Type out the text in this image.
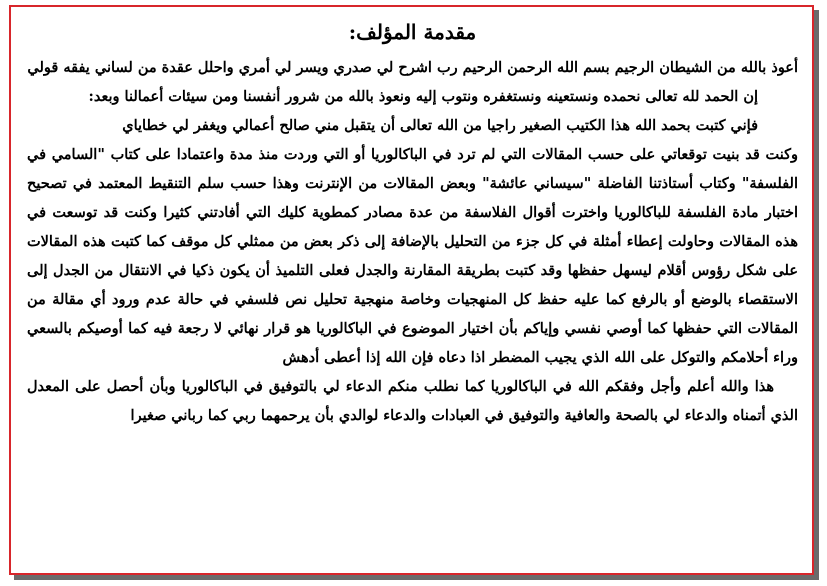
مقدمة المؤلف:

أعوذ بالله من الشيطان الرجيم بسم الله الرحمن الرحيم رب اشرح لي صدري ويسر لي أمري واحلل عقدة من لساني يفقه قولي

إن الحمد لله تعالى نحمده ونستعينه ونستغفره ونتوب إليه ونعوذ بالله من شرور أنفسنا ومن سيئات أعمالنا وبعد:

فإني كتبت بحمد الله هذا الكتيب الصغير راجيا من الله تعالى أن يتقبل مني صالح أعمالي ويغفر لي خطاياي

وكنت قد بنيت توقعاتي على حسب المقالات التي لم ترد في الباكالوريا أو التي وردت منذ مدة واعتمادا على كتاب "السامي في الفلسفة" وكتاب أستاذتنا الفاضلة "سيساني عائشة" وبعض المقالات من الإنترنت وهذا حسب سلم التنقيط المعتمد في تصحيح اختبار مادة الفلسفة للباكالوريا واخترت أقوال الفلاسفة من عدة مصادر كمطوية كليك التي أفادتني كثيرا وكنت قد توسعت في هذه المقالات وحاولت إعطاء أمثلة في كل جزء من التحليل بالإضافة إلى ذكر بعض من ممثلي كل موقف كما كتبت هذه المقالات على شكل رؤوس أقلام ليسهل حفظها وقد كتبت بطريقة المقارنة والجدل فعلى التلميذ أن يكون ذكيا في الانتقال من الجدل إلى الاستقصاء بالوضع أو بالرفع كما عليه حفظ كل المنهجيات وخاصة منهجية تحليل نص فلسفي في حالة عدم ورود أي مقالة من المقالات التي حفظها كما أوصي نفسي وإياكم بأن اختيار الموضوع في الباكالوريا هو قرار نهائي لا رجعة فيه كما أوصيكم بالسعي وراء أحلامكم والتوكل على الله الذي يجيب المضطر اذا دعاه فإن الله إذا أعطى أدهش

هذا والله أعلم وأجل وفقكم الله في الباكالوريا كما نطلب منكم الدعاء لي بالتوفيق في الباكالوريا وبأن أحصل على المعدل الذي أتمناه والدعاء لي بالصحة والعافية والتوفيق في العبادات والدعاء لوالدي بأن يرحمهما ربي كما رباني صغيرا
